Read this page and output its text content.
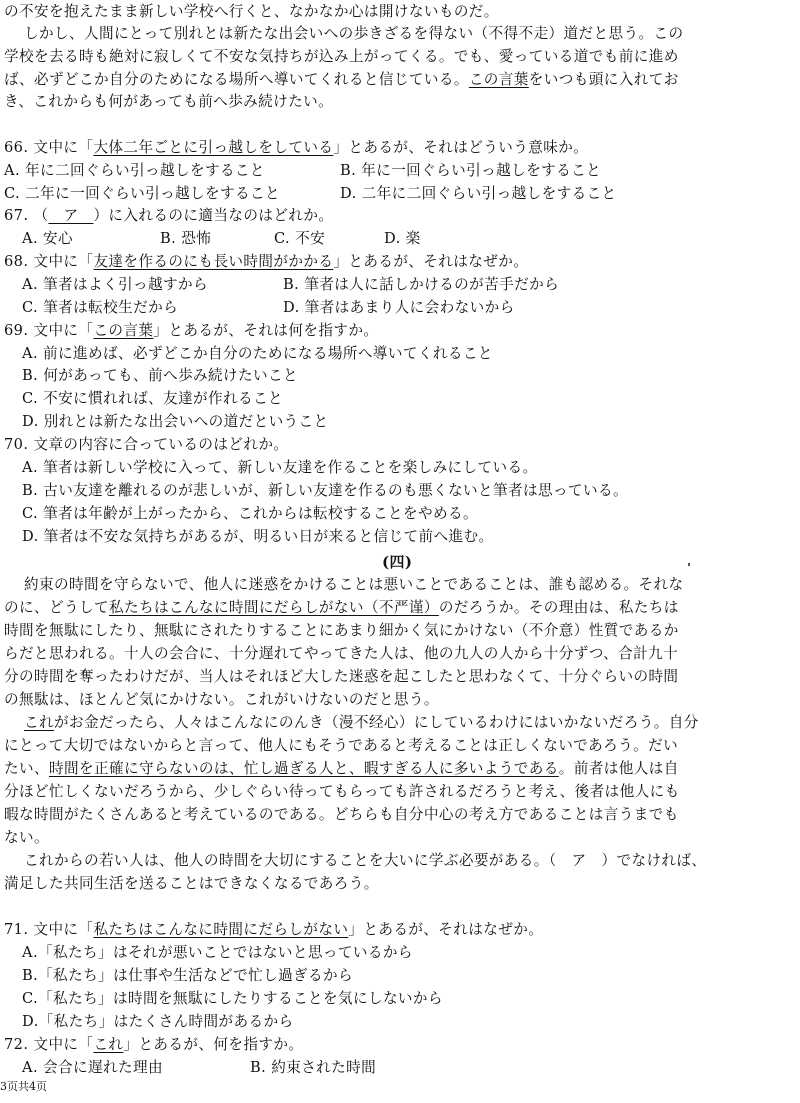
の不安を抱えたまま新しい学校へ行くと、なかなか心は開けないものだ。
しかし、人間にとって別れとは新たな出会いへの歩きざるを得ない（不得不走）道だと思う。この
学校を去る時も絶対に寂しくて不安な気持ちが込み上がってくる。でも、愛っている道でも前に進め
ば、必ずどこか自分のためになる場所へ導いてくれると信じている。この言葉をいつも頭に入れてお
き、これからも何があっても前へ歩み続けたい。
66. 文中に「大体二年ごとに引っ越しをしている」とあるが、それはどういう意味か。
A. 年に二回ぐらい引っ越しをすること	B. 年に一回ぐらい引っ越しをすること
C. 二年に一回ぐらい引っ越しをすること	D. 二年に二回ぐらい引っ越しをすること
67. （　ア　）に入れるのに適当なのはどれか。
A. 安心	B. 恐怖	C. 不安	D. 楽
68. 文中に「友達を作るのにも長い時間がかかる」とあるが、それはなぜか。
A. 筆者はよく引っ越すから	B. 筆者は人に話しかけるのが苦手だから
C. 筆者は転校生だから	D. 筆者はあまり人に会わないから
69. 文中に「この言葉」とあるが、それは何を指すか。
A. 前に進めば、必ずどこか自分のためになる場所へ導いてくれること
B. 何があっても、前へ歩み続けたいこと
C. 不安に慣れれば、友達が作れること
D. 別れとは新たな出会いへの道だということ
70. 文章の内容に合っているのはどれか。
A. 筆者は新しい学校に入って、新しい友達を作ることを楽しみにしている。
B. 古い友達を離れるのが悲しいが、新しい友達を作るのも悪くないと筆者は思っている。
C. 筆者は年齢が上がったから、これからは転校することをやめる。
D. 筆者は不安な気持ちがあるが、明るい日が来ると信じて前へ進む。
(四)
約束の時間を守らないで、他人に迷惑をかけることは悪いことであることは、誰も認める。それな
のに、どうして私たちはこんなに時間にだらしがない（不严谨）のだろうか。その理由は、私たちは
時間を無駄にしたり、無駄にされたりすることにあまり細かく気にかけない（不介意）性質であるか
らだと思われる。十人の会合に、十分遅れてやってきた人は、他の九人の人から十分ずつ、合計九十
分の時間を奪ったわけだが、当人はそれほど大した迷惑を起こしたと思わなくて、十分ぐらいの時間
の無駄は、ほとんど気にかけない。これがいけないのだと思う。
これがお金だったら、人々はこんなにのんき（漫不经心）にしているわけにはいかないだろう。自分
にとって大切ではないからと言って、他人にもそうであると考えることは正しくないであろう。だい
たい、時間を正確に守らないのは、忙し過ぎる人と、暇すぎる人に多いようである。前者は他人は自
分ほど忙しくないだろうから、少しぐらい待ってもらっても許されるだろうと考え、後者は他人にも
暇な時間がたくさんあると考えているのである。どちらも自分中心の考え方であることは言うまでも
ない。
これからの若い人は、他人の時間を大切にすることを大いに学ぶ必要がある。（　ア　）でなければ、
満足した共同生活を送ることはできなくなるであろう。
71. 文中に「私たちはこんなに時間にだらしがない」とあるが、それはなぜか。
A.「私たち」はそれが悪いことではないと思っているから
B.「私たち」は仕事や生活などで忙し過ぎるから
C.「私たち」は時間を無駄にしたりすることを気にしないから
D.「私たち」はたくさん時間があるから
72. 文中に「これ」とあるが、何を指すか。
A. 会合に遅れた理由	B. 約束された時間
3页共4页
